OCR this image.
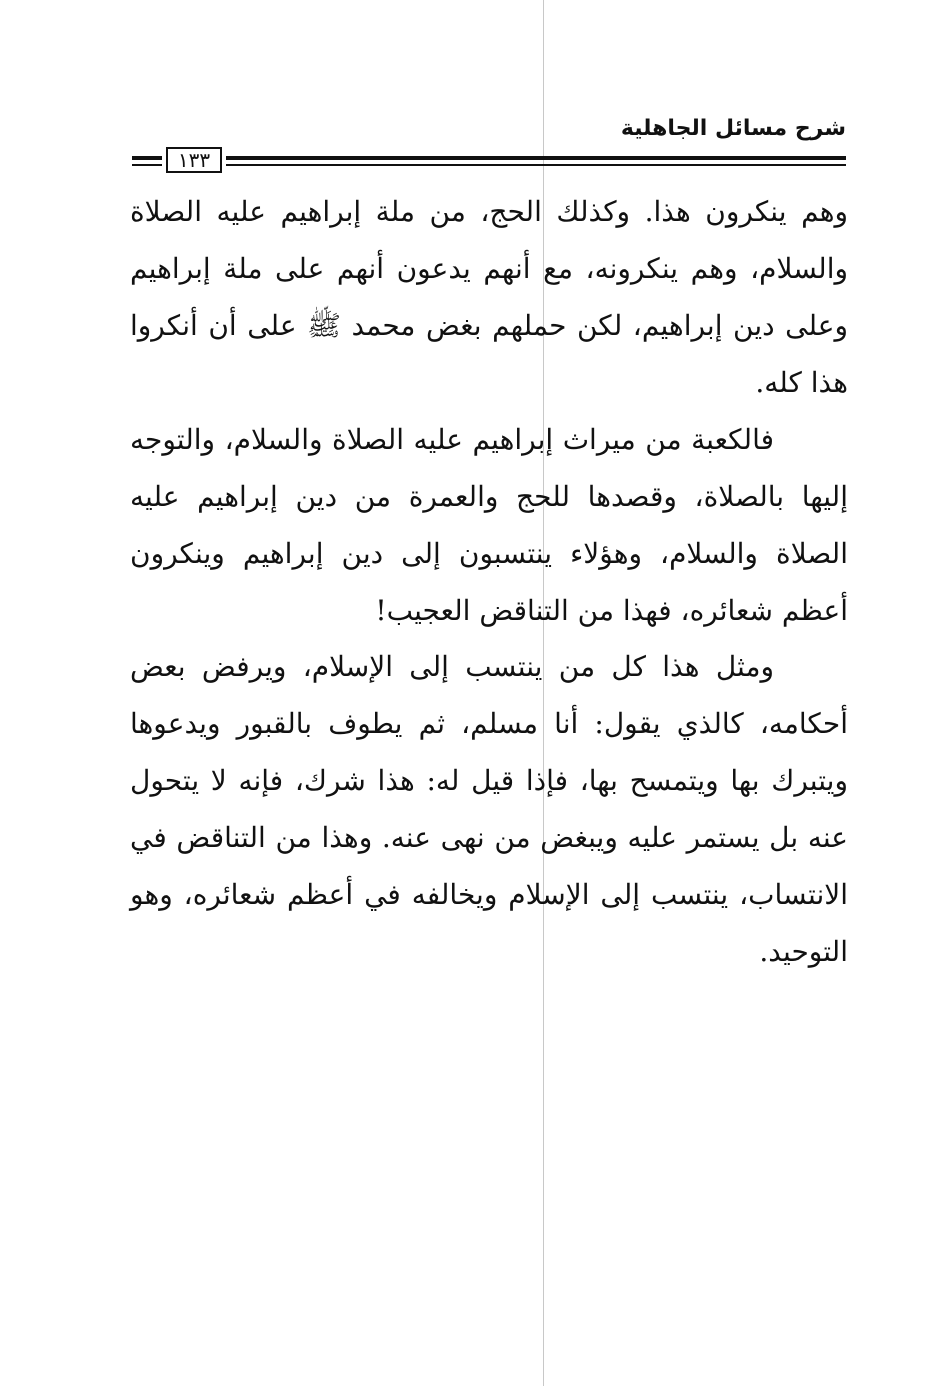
شرح مسائل الجاهلية
١٣٣

وهم ينكرون هذا. وكذلك الحج، من ملة إبراهيم عليه الصلاة والسلام، وهم ينكرونه، مع أنهم يدعون أنهم على ملة إبراهيم وعلى دين إبراهيم، لكن حملهم بغض محمد ﷺ على أن أنكروا هذا كله.

فالكعبة من ميراث إبراهيم عليه الصلاة والسلام، والتوجه إليها بالصلاة، وقصدها للحج والعمرة من دين إبراهيم عليه الصلاة والسلام، وهؤلاء ينتسبون إلى دين إبراهيم وينكرون أعظم شعائره، فهذا من التناقض العجيب!

ومثل هذا كل من ينتسب إلى الإسلام، ويرفض بعض أحكامه، كالذي يقول: أنا مسلم، ثم يطوف بالقبور ويدعوها ويتبرك بها ويتمسح بها، فإذا قيل له: هذا شرك، فإنه لا يتحول عنه بل يستمر عليه ويبغض من نهى عنه. وهذا من التناقض في الانتساب، ينتسب إلى الإسلام ويخالفه في أعظم شعائره، وهو التوحيد.
